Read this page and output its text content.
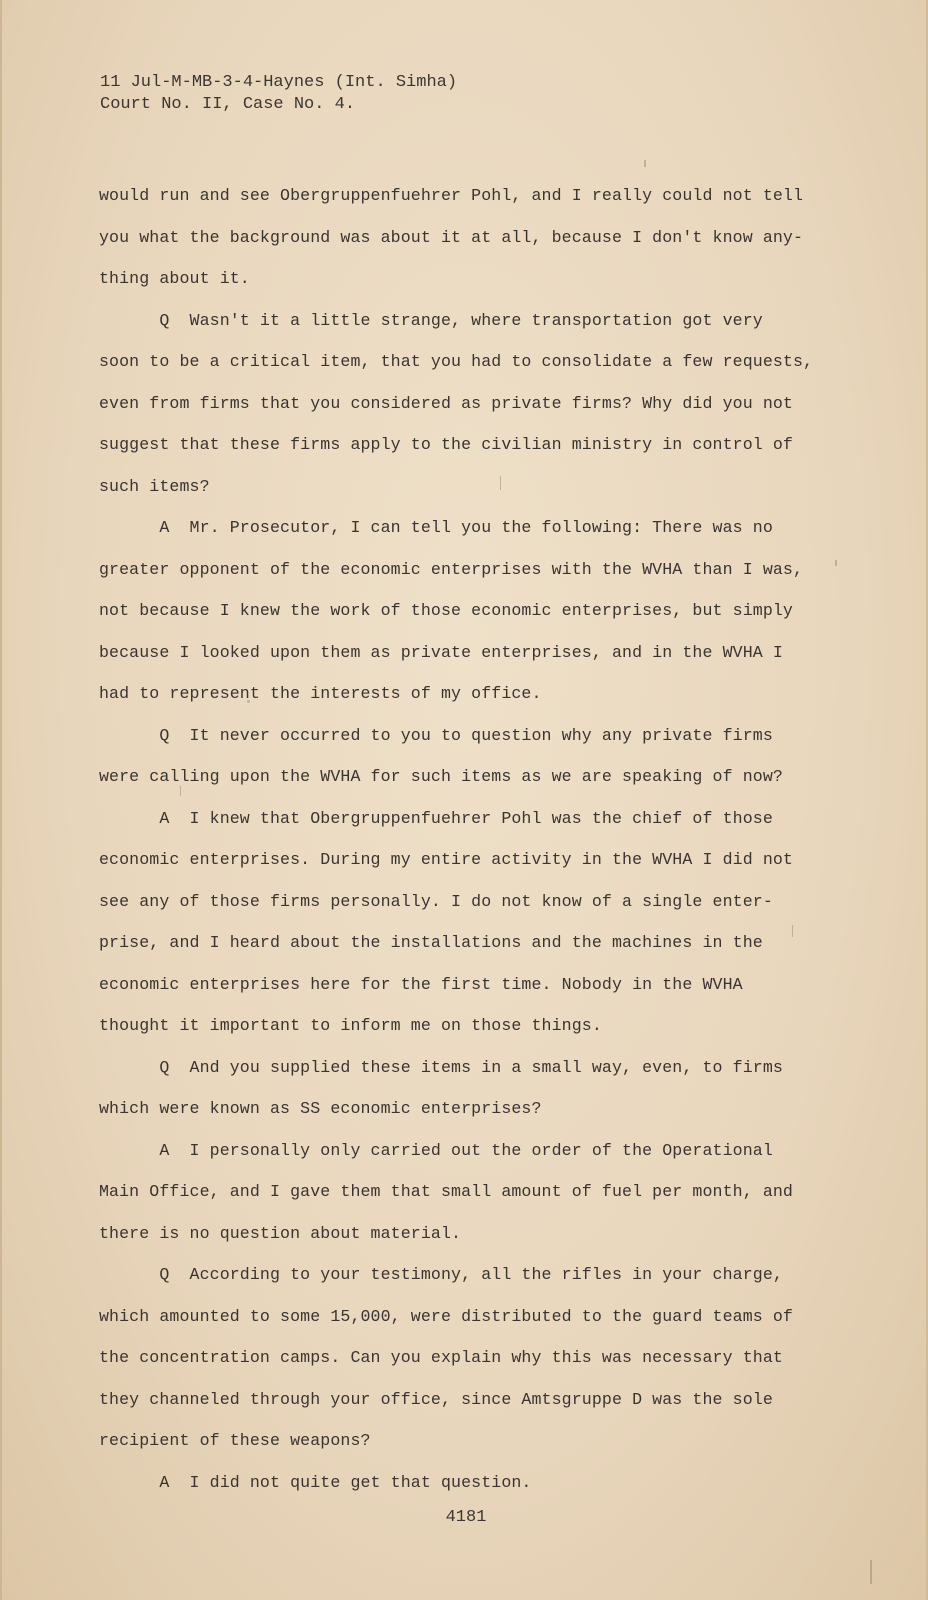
11 Jul-M-MB-3-4-Haynes (Int. Simha)
Court No. II, Case No. 4.
would run and see Obergruppenfuehrer Pohl, and I really could not tell
you what the background was about it at all, because I don't know any-
thing about it.
Q  Wasn't it a little strange, where transportation got very
soon to be a critical item, that you had to consolidate a few requests,
even from firms that you considered as private firms? Why did you not
suggest that these firms apply to the civilian ministry in control of
such items?
A  Mr. Prosecutor, I can tell you the following: There was no
greater opponent of the economic enterprises with the WVHA than I was,
not because I knew the work of those economic enterprises, but simply
because I looked upon them as private enterprises, and in the WVHA I
had to represent the interests of my office.
Q  It never occurred to you to question why any private firms
were calling upon the WVHA for such items as we are speaking of now?
A  I knew that Obergruppenfuehrer Pohl was the chief of those
economic enterprises. During my entire activity in the WVHA I did not
see any of those firms personally. I do not know of a single enter-
prise, and I heard about the installations and the machines in the
economic enterprises here for the first time. Nobody in the WVHA
thought it important to inform me on those things.
Q  And you supplied these items in a small way, even, to firms
which were known as SS economic enterprises?
A  I personally only carried out the order of the Operational
Main Office, and I gave them that small amount of fuel per month, and
there is no question about material.
Q  According to your testimony, all the rifles in your charge,
which amounted to some 15,000, were distributed to the guard teams of
the concentration camps. Can you explain why this was necessary that
they channeled through your office, since Amtsgruppe D was the sole
recipient of these weapons?
A  I did not quite get that question.
4181
